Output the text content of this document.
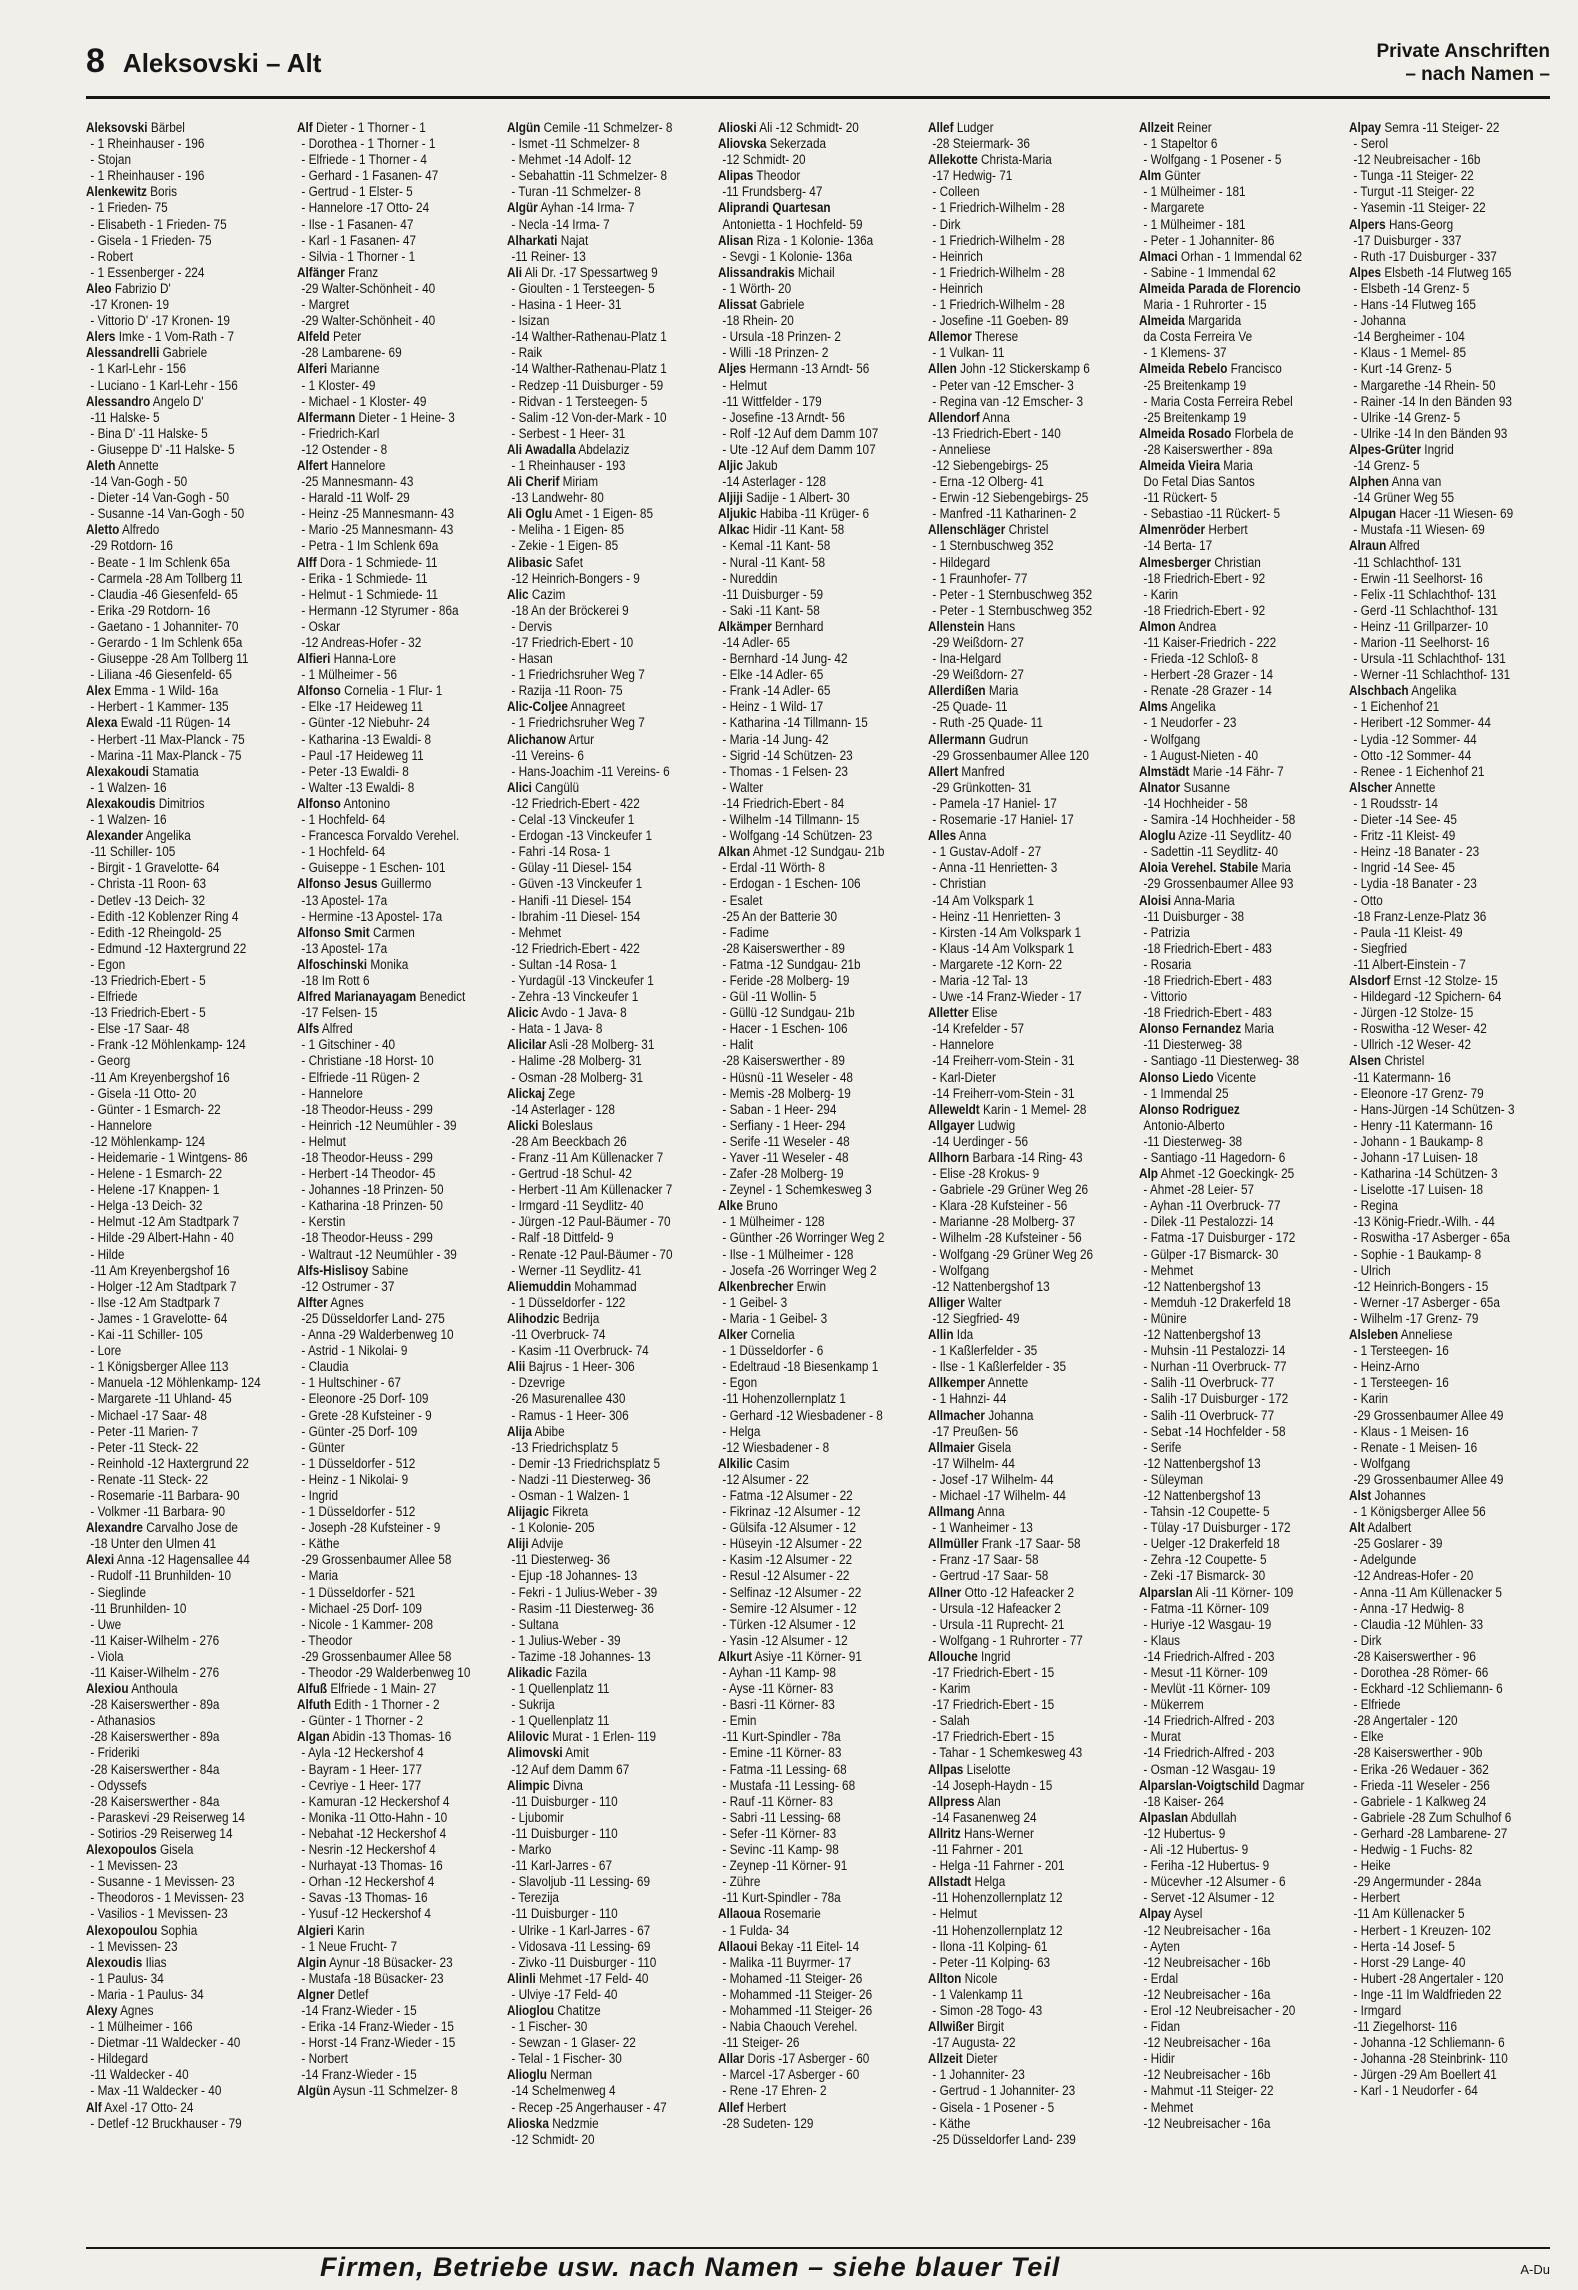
8 Aleksovski – Alt	Private Anschriften
– nach Namen –
Aleksovski Bärbel
- 1 Rheinhauser - 196
- Stojan
- 1 Rheinhauser - 196
Alenkewitz Boris
- 1 Frieden- 75
- Elisabeth - 1 Frieden- 75
- Gisela - 1 Frieden- 75
- Robert
- 1 Essenberger - 224
Aleo Fabrizio D'
-17 Kronen- 19
- Vittorio D' -17 Kronen- 19
Alers Imke - 1 Vom-Rath - 7
Alessandrelli Gabriele
- 1 Karl-Lehr - 156
- Luciano - 1 Karl-Lehr - 156
Alessandro Angelo D'
-11 Halske- 5
- Bina D' -11 Halske- 5
- Giuseppe D' -11 Halske- 5
Aleth Annette
-14 Van-Gogh - 50
- Dieter -14 Van-Gogh - 50
- Susanne -14 Van-Gogh - 50
Aletto Alfredo
-29 Rotdorn- 16
- Beate - 1 Im Schlenk 65a
- Carmela -28 Am Tollberg 11
- Claudia -46 Giesenfeld- 65
- Erika -29 Rotdorn- 16
- Gaetano - 1 Johanniter- 70
- Gerardo - 1 Im Schlenk 65a
- Giuseppe -28 Am Tollberg 11
- Liliana -46 Giesenfeld- 65
Alex Emma - 1 Wild- 16a
- Herbert - 1 Kammer- 135
Alexa Ewald -11 Rügen- 14
- Herbert -11 Max-Planck - 75
- Marina -11 Max-Planck - 75
Alexakoudi Stamatia
- 1 Walzen- 16
Alexakoudis Dimitrios
- 1 Walzen- 16
Alexander Angelika
-11 Schiller- 105
- Birgit - 1 Gravelotte- 64
- Christa -11 Roon- 63
- Detlev -13 Deich- 32
- Edith -12 Koblenzer Ring 4
- Edith -12 Rheingold- 25
- Edmund -12 Haxtergrund 22
- Egon
-13 Friedrich-Ebert - 5
- Elfriede
-13 Friedrich-Ebert - 5
- Else -17 Saar- 48
- Frank -12 Möhlenkamp- 124
- Georg
-11 Am Kreyenbergshof 16
- Gisela -11 Otto- 20
- Günter - 1 Esmarch- 22
- Hannelore
-12 Möhlenkamp- 124
- Heidemarie - 1 Wintgens- 86
- Helene - 1 Esmarch- 22
- Helene -17 Knappen- 1
- Helga -13 Deich- 32
- Helmut -12 Am Stadtpark 7
- Hilde -29 Albert-Hahn - 40
- Hilde
-11 Am Kreyenbergshof 16
- Holger -12 Am Stadtpark 7
- Ilse -12 Am Stadtpark 7
- James - 1 Gravelotte- 64
- Kai -11 Schiller- 105
- Lore
- 1 Königsberger Allee 113
- Manuela -12 Möhlenkamp- 124
- Margarete -11 Uhland- 45
- Michael -17 Saar- 48
- Peter -11 Marien- 7
- Peter -11 Steck- 22
- Reinhold -12 Haxtergrund 22
- Renate -11 Steck- 22
- Rosemarie -11 Barbara- 90
- Volkmer -11 Barbara- 90
Alexandre Carvalho Jose de
-18 Unter den Ulmen 41
Alexi Anna -12 Hagensallee 44
- Rudolf -11 Brunhilden- 10
- Sieglinde
-11 Brunhilden- 10
- Uwe
-11 Kaiser-Wilhelm - 276
- Viola
-11 Kaiser-Wilhelm - 276
Alexiou Anthoula
-28 Kaiserswerther - 89a
- Athanasios
-28 Kaiserswerther - 89a
- Frideriki
-28 Kaiserswerther - 84a
- Odyssefs
-28 Kaiserswerther - 84a
- Paraskevi -29 Reiserweg 14
- Sotirios -29 Reiserweg 14
Alexopoulos Gisela
- 1 Mevissen- 23
- Susanne - 1 Mevissen- 23
- Theodoros - 1 Mevissen- 23
- Vasilios - 1 Mevissen- 23
Alexopoulou Sophia
- 1 Mevissen- 23
Alexoudis Ilias
- 1 Paulus- 34
- Maria - 1 Paulus- 34
Alexy Agnes
- 1 Mülheimer - 166
- Dietmar -11 Waldecker - 40
- Hildegard
-11 Waldecker - 40
- Max -11 Waldecker - 40
Alf Axel -17 Otto- 24
- Detlef -12 Bruckhauser - 79
Alf Dieter - 1 Thorner - 1
- Dorothea - 1 Thorner - 1
- Elfriede - 1 Thorner - 4
- Gerhard - 1 Fasanen- 47
- Gertrud - 1 Elster- 5
- Hannelore -17 Otto- 24
- Ilse - 1 Fasanen- 47
- Karl - 1 Fasanen- 47
- Silvia - 1 Thorner - 1
Alfänger Franz
-29 Walter-Schönheit - 40
- Margret
-29 Walter-Schönheit - 40
Alfeld Peter
-28 Lambarene- 69
Alferi Marianne
- 1 Kloster- 49
- Michael - 1 Kloster- 49
Alfermann Dieter - 1 Heine- 3
- Friedrich-Karl
-12 Ostender - 8
Alfert Hannelore
-25 Mannesmann- 43
- Harald -11 Wolf- 29
- Heinz -25 Mannesmann- 43
- Mario -25 Mannesmann- 43
- Petra - 1 Im Schlenk 69a
Alff Dora - 1 Schmiede- 11
- Erika - 1 Schmiede- 11
- Helmut - 1 Schmiede- 11
- Hermann -12 Styrumer - 86a
- Oskar
-12 Andreas-Hofer - 32
Alfieri Hanna-Lore
- 1 Mülheimer - 56
Alfonso Cornelia - 1 Flur- 1
- Elke -17 Heideweg 11
- Günter -12 Niebuhr- 24
- Katharina -13 Ewaldi- 8
- Paul -17 Heideweg 11
- Peter -13 Ewaldi- 8
- Walter -13 Ewaldi- 8
Alfonso Antonino
- 1 Hochfeld- 64
- Francesca Forvaldo Verehel.
- 1 Hochfeld- 64
- Guiseppe - 1 Eschen- 101
Alfonso Jesus Guillermo
-13 Apostel- 17a
- Hermine -13 Apostel- 17a
Alfonso Smit Carmen
-13 Apostel- 17a
Alfoschinski Monika
-18 Im Rott 6
Alfred Marianayagam Benedict
-17 Felsen- 15
Alfs Alfred
- 1 Gitschiner - 40
- Christiane -18 Horst- 10
- Elfriede -11 Rügen- 2
- Hannelore
-18 Theodor-Heuss - 299
- Heinrich -12 Neumühler - 39
- Helmut
-18 Theodor-Heuss - 299
- Herbert -14 Theodor- 45
- Johannes -18 Prinzen- 50
- Katharina -18 Prinzen- 50
- Kerstin
-18 Theodor-Heuss - 299
- Waltraut -12 Neumühler - 39
Alfs-Hislisoy Sabine
-12 Ostrumer - 37
Alfter Agnes
-25 Düsseldorfer Land- 275
- Anna -29 Walderbenweg 10
- Astrid - 1 Nikolai- 9
- Claudia
- 1 Hultschiner - 67
- Eleonore -25 Dorf- 109
- Grete -28 Kufsteiner - 9
- Günter -25 Dorf- 109
- Günter
- 1 Düsseldorfer - 512
- Heinz - 1 Nikolai- 9
- Ingrid
- 1 Düsseldorfer - 512
- Joseph -28 Kufsteiner - 9
- Käthe
-29 Grossenbaumer Allee 58
- Maria
- 1 Düsseldorfer - 521
- Michael -25 Dorf- 109
- Nicole - 1 Kammer- 208
- Theodor
-29 Grossenbaumer Allee 58
- Theodor -29 Walderbenweg 10
Alfuß Elfriede - 1 Main- 27
Alfuth Edith - 1 Thorner - 2
- Günter - 1 Thorner - 2
Algan Abidin -13 Thomas- 16
- Ayla -12 Heckershof 4
- Bayram - 1 Heer- 177
- Cevriye - 1 Heer- 177
- Kamuran -12 Heckershof 4
- Monika -11 Otto-Hahn - 10
- Nebahat -12 Heckershof 4
- Nesrin -12 Heckershof 4
- Nurhayat -13 Thomas- 16
- Orhan -12 Heckershof 4
- Savas -13 Thomas- 16
- Yusuf -12 Heckershof 4
Algieri Karin
- 1 Neue Frucht- 7
Algin Aynur -18 Büsacker- 23
- Mustafa -18 Büsacker- 23
Algner Detlef
-14 Franz-Wieder - 15
- Erika -14 Franz-Wieder - 15
- Horst -14 Franz-Wieder - 15
- Norbert
-14 Franz-Wieder - 15
Algün Aysun -11 Schmelzer- 8
Algün Cemile -11 Schmelzer- 8
- Ismet -11 Schmelzer- 8
- Mehmet -14 Adolf- 12
- Sebahattin -11 Schmelzer- 8
- Turan -11 Schmelzer- 8
Algür Ayhan -14 Irma- 7
- Necla -14 Irma- 7
Alharkati Najat
-11 Reiner- 13
Ali Ali Dr. -17 Spessartweg 9
- Gioulten - 1 Tersteegen- 5
- Hasina - 1 Heer- 31
- Isizan
-14 Walther-Rathenau-Platz 1
- Raik
-14 Walther-Rathenau-Platz 1
- Redzep -11 Duisburger - 59
- Ridvan - 1 Tersteegen- 5
- Salim -12 Von-der-Mark - 10
- Serbest - 1 Heer- 31
Ali Awadalla Abdelaziz
- 1 Rheinhauser - 193
Ali Cherif Miriam
-13 Landwehr- 80
Ali Oglu Amet - 1 Eigen- 85
- Meliha - 1 Eigen- 85
- Zekie - 1 Eigen- 85
Alibasic Safet
-12 Heinrich-Bongers - 9
Alic Cazim
-18 An der Bröckerei 9
- Dervis
-17 Friedrich-Ebert - 10
- Hasan
- 1 Friedrichsruher Weg 7
- Razija -11 Roon- 75
Alic-Coljee Annagreet
- 1 Friedrichsruher Weg 7
Alichanow Artur
-11 Vereins- 6
- Hans-Joachim -11 Vereins- 6
Alici Cangülü
-12 Friedrich-Ebert - 422
- Celal -13 Vinckeufer 1
- Erdogan -13 Vinckeufer 1
- Fahri -14 Rosa- 1
- Gülay -11 Diesel- 154
- Güven -13 Vinckeufer 1
- Hanifi -11 Diesel- 154
- Ibrahim -11 Diesel- 154
- Mehmet
-12 Friedrich-Ebert - 422
- Sultan -14 Rosa- 1
- Yurdagül -13 Vinckeufer 1
- Zehra -13 Vinckeufer 1
Alicic Avdo - 1 Java- 8
- Hata - 1 Java- 8
Alicilar Asli -28 Molberg- 31
- Halime -28 Molberg- 31
- Osman -28 Molberg- 31
Alickaj Zege
-14 Asterlager - 128
Alicki Boleslaus
-28 Am Beeckbach 26
- Franz -11 Am Küllenacker 7
- Gertrud -18 Schul- 42
- Herbert -11 Am Küllenacker 7
- Irmgard -11 Seydlitz- 40
- Jürgen -12 Paul-Bäumer - 70
- Ralf -18 Dittfeld- 9
- Renate -12 Paul-Bäumer - 70
- Werner -11 Seydlitz- 41
Aliemuddin Mohammad
- 1 Düsseldorfer - 122
Alihodzic Bedrija
-11 Overbruck- 74
- Kasim -11 Overbruck- 74
Alii Bajrus - 1 Heer- 306
- Dzevrige
-26 Masurenallee 430
- Ramus - 1 Heer- 306
Alija Abibe
-13 Friedrichsplatz 5
- Demir -13 Friedrichsplatz 5
- Nadzi -11 Diesterweg- 36
- Osman - 1 Walzen- 1
Alijagic Fikreta
- 1 Kolonie- 205
Aliji Advije
-11 Diesterweg- 36
- Ejup -18 Johannes- 13
- Fekri - 1 Julius-Weber - 39
- Rasim -11 Diesterweg- 36
- Sultana
- 1 Julius-Weber - 39
- Tazime -18 Johannes- 13
Alikadic Fazila
- 1 Quellenplatz 11
- Sukrija
- 1 Quellenplatz 11
Alilovic Murat - 1 Erlen- 119
Alimovski Amit
-12 Auf dem Damm 67
Alimpic Divna
-11 Duisburger - 110
- Ljubomir
-11 Duisburger - 110
- Marko
-11 Karl-Jarres - 67
- Slavoljub -11 Lessing- 69
- Terezija
-11 Duisburger - 110
- Ulrike - 1 Karl-Jarres - 67
- Vidosava -11 Lessing- 69
- Zivko -11 Duisburger - 110
Alinli Mehmet -17 Feld- 40
- Ulviye -17 Feld- 40
Alioglou Chatitze
- 1 Fischer- 30
- Sewzan - 1 Glaser- 22
- Telal - 1 Fischer- 30
Alioglu Nerman
-14 Schelmenweg 4
- Recep -25 Angerhauser - 47
Alioska Nedzmie
-12 Schmidt- 20
Alioski Ali -12 Schmidt- 20
Aliovska Sekerzada
-12 Schmidt- 20
Alipas Theodor
-11 Frundsberg- 47
Aliprandi Quartesan
Antonietta - 1 Hochfeld- 59
Alisan Riza - 1 Kolonie- 136a
- Sevgi - 1 Kolonie- 136a
Alissandrakis Michail
- 1 Wörth- 20
Alissat Gabriele
-18 Rhein- 20
- Ursula -18 Prinzen- 2
- Willi -18 Prinzen- 2
Aljes Hermann -13 Arndt- 56
- Helmut
-11 Wittfelder - 179
- Josefine -13 Arndt- 56
- Rolf -12 Auf dem Damm 107
- Ute -12 Auf dem Damm 107
Aljic Jakub
-14 Asterlager - 128
Aljiji Sadije - 1 Albert- 30
Aljukic Habiba -11 Krüger- 6
Alkac Hidir -11 Kant- 58
- Kemal -11 Kant- 58
- Nural -11 Kant- 58
- Nureddin
-11 Duisburger - 59
- Saki -11 Kant- 58
Alkämper Bernhard
-14 Adler- 65
- Bernhard -14 Jung- 42
- Elke -14 Adler- 65
- Frank -14 Adler- 65
- Heinz - 1 Wild- 17
- Katharina -14 Tillmann- 15
- Maria -14 Jung- 42
- Sigrid -14 Schützen- 23
- Thomas - 1 Felsen- 23
- Walter
-14 Friedrich-Ebert - 84
- Wilhelm -14 Tillmann- 15
- Wolfgang -14 Schützen- 23
Alkan Ahmet -12 Sundgau- 21b
- Erdal -11 Wörth- 8
- Erdogan - 1 Eschen- 106
- Esalet
-25 An der Batterie 30
- Fadime
-28 Kaiserswerther - 89
- Fatma -12 Sundgau- 21b
- Feride -28 Molberg- 19
- Gül -11 Wollin- 5
- Güllü -12 Sundgau- 21b
- Hacer - 1 Eschen- 106
- Halit
-28 Kaiserswerther - 89
- Hüsnü -11 Weseler - 48
- Memis -28 Molberg- 19
- Saban - 1 Heer- 294
- Serfiany - 1 Heer- 294
- Serife -11 Weseler - 48
- Yaver -11 Weseler - 48
- Zafer -28 Molberg- 19
- Zeynel - 1 Schemkesweg 3
Alke Bruno
- 1 Mülheimer - 128
- Günther -26 Worringer Weg 2
- Ilse - 1 Mülheimer - 128
- Josefa -26 Worringer Weg 2
Alkenbrecher Erwin
- 1 Geibel- 3
- Maria - 1 Geibel- 3
Alker Cornelia
- 1 Düsseldorfer - 6
- Edeltraud -18 Biesenkamp 1
- Egon
-11 Hohenzollernplatz 1
- Gerhard -12 Wiesbadener - 8
- Helga
-12 Wiesbadener - 8
Alkilic Casim
-12 Alsumer - 22
- Fatma -12 Alsumer - 22
- Fikrinaz -12 Alsumer - 12
- Gülsifa -12 Alsumer - 12
- Hüseyin -12 Alsumer - 22
- Kasim -12 Alsumer - 22
- Resul -12 Alsumer - 22
- Selfinaz -12 Alsumer - 22
- Semire -12 Alsumer - 12
- Türken -12 Alsumer - 12
- Yasin -12 Alsumer - 12
Alkurt Asiye -11 Körner- 91
- Ayhan -11 Kamp- 98
- Ayse -11 Körner- 83
- Basri -11 Körner- 83
- Emin
-11 Kurt-Spindler - 78a
- Emine -11 Körner- 83
- Fatma -11 Lessing- 68
- Mustafa -11 Lessing- 68
- Rauf -11 Körner- 83
- Sabri -11 Lessing- 68
- Sefer -11 Körner- 83
- Sevinc -11 Kamp- 98
- Zeynep -11 Körner- 91
- Zühre
-11 Kurt-Spindler - 78a
Allaoua Rosemarie
- 1 Fulda- 34
Allaoui Bekay -11 Eitel- 14
- Malika -11 Buyrmer- 17
- Mohamed -11 Steiger- 26
- Mohammed -11 Steiger- 26
- Mohammed -11 Steiger- 26
- Nabia Chaouch Verehel.
-11 Steiger- 26
Allar Doris -17 Asberger - 60
- Marcel -17 Asberger - 60
- Rene -17 Ehren- 2
Allef Herbert
-28 Sudeten- 129
Allef Ludger
-28 Steiermark- 36
Allekotte Christa-Maria
-17 Hedwig- 71
- Colleen
- 1 Friedrich-Wilhelm - 28
- Dirk
- 1 Friedrich-Wilhelm - 28
- Heinrich
- 1 Friedrich-Wilhelm - 28
- Heinrich
- 1 Friedrich-Wilhelm - 28
- Josefine -11 Goeben- 89
Allemor Therese
- 1 Vulkan- 11
Allen John -12 Stickerskamp 6
- Peter van -12 Emscher- 3
- Regina van -12 Emscher- 3
Allendorf Anna
-13 Friedrich-Ebert - 140
- Anneliese
-12 Siebengebirgs- 25
- Erna -12 Olberg- 41
- Erwin -12 Siebengebirgs- 25
- Manfred -11 Katharinen- 2
Allenschläger Christel
- 1 Sternbuschweg 352
- Hildegard
- 1 Fraunhofer- 77
- Peter - 1 Sternbuschweg 352
- Peter - 1 Sternbuschweg 352
Allenstein Hans
-29 Weißdorn- 27
- Ina-Helgard
-29 Weißdorn- 27
Allerdißen Maria
-25 Quade- 11
- Ruth -25 Quade- 11
Allermann Gudrun
-29 Grossenbaumer Allee 120
Allert Manfred
-29 Grünkotten- 31
- Pamela -17 Haniel- 17
- Rosemarie -17 Haniel- 17
Alles Anna
- 1 Gustav-Adolf - 27
- Anna -11 Henrietten- 3
- Christian
-14 Am Volkspark 1
- Heinz -11 Henrietten- 3
- Kirsten -14 Am Volkspark 1
- Klaus -14 Am Volkspark 1
- Margarete -12 Korn- 22
- Maria -12 Tal- 13
- Uwe -14 Franz-Wieder - 17
Alletter Elise
-14 Krefelder - 57
- Hannelore
-14 Freiherr-vom-Stein - 31
- Karl-Dieter
-14 Freiherr-vom-Stein - 31
Alleweldt Karin - 1 Memel- 28
Allgayer Ludwig
-14 Uerdinger - 56
Allhorn Barbara -14 Ring- 43
- Elise -28 Krokus- 9
- Gabriele -29 Grüner Weg 26
- Klara -28 Kufsteiner - 56
- Marianne -28 Molberg- 37
- Wilhelm -28 Kufsteiner - 56
- Wolfgang -29 Grüner Weg 26
- Wolfgang
-12 Nattenbergshof 13
Alliger Walter
-12 Siegfried- 49
Allin Ida
- 1 Kaßlerfelder - 35
- Ilse - 1 Kaßlerfelder - 35
Allkemper Annette
- 1 Hahnzi- 44
Allmacher Johanna
-17 Preußen- 56
Allmaier Gisela
-17 Wilhelm- 44
- Josef -17 Wilhelm- 44
- Michael -17 Wilhelm- 44
Allmang Anna
- 1 Wanheimer - 13
Allmüller Frank -17 Saar- 58
- Franz -17 Saar- 58
- Gertrud -17 Saar- 58
Allner Otto -12 Hafeacker 2
- Ursula -12 Hafeacker 2
- Ursula -11 Ruprecht- 21
- Wolfgang - 1 Ruhrorter - 77
Allouche Ingrid
-17 Friedrich-Ebert - 15
- Karim
-17 Friedrich-Ebert - 15
- Salah
-17 Friedrich-Ebert - 15
- Tahar - 1 Schemkesweg 43
Allpas Liselotte
-14 Joseph-Haydn - 15
Allpress Alan
-14 Fasanenweg 24
Allritz Hans-Werner
-11 Fahrner - 201
- Helga -11 Fahrner - 201
Allstadt Helga
-11 Hohenzollernplatz 12
- Helmut
-11 Hohenzollernplatz 12
- Ilona -11 Kolping- 61
- Peter -11 Kolping- 63
Allton Nicole
- 1 Valenkamp 11
- Simon -28 Togo- 43
Allwißer Birgit
-17 Augusta- 22
Allzeit Dieter
- 1 Johanniter- 23
- Gertrud - 1 Johanniter- 23
- Gisela - 1 Posener - 5
- Käthe
-25 Düsseldorfer Land- 239
Allzeit Reiner
- 1 Stapeltor 6
- Wolfgang - 1 Posener - 5
Alm Günter
- 1 Mülheimer - 181
- Margarete
- 1 Mülheimer - 181
- Peter - 1 Johanniter- 86
Almaci Orhan - 1 Immendal 62
- Sabine - 1 Immendal 62
Almeida Parada de Florencio
Maria - 1 Ruhrorter - 15
Almeida Margarida
da Costa Ferreira Ve
- 1 Klemens- 37
Almeida Rebelo Francisco
-25 Breitenkamp 19
- Maria Costa Ferreira Rebel
-25 Breitenkamp 19
Almeida Rosado Florbela de
-28 Kaiserswerther - 89a
Almeida Vieira Maria
Do Fetal Dias Santos
-11 Rückert- 5
- Sebastiao -11 Rückert- 5
Almenröder Herbert
-14 Berta- 17
Almesberger Christian
-18 Friedrich-Ebert - 92
- Karin
-18 Friedrich-Ebert - 92
Almon Andrea
-11 Kaiser-Friedrich - 222
- Frieda -12 Schloß- 8
- Herbert -28 Grazer - 14
- Renate -28 Grazer - 14
Alms Angelika
- 1 Neudorfer - 23
- Wolfgang
- 1 August-Nieten - 40
Almstädt Marie -14 Fähr- 7
Alnator Susanne
-14 Hochheider - 58
- Samira -14 Hochheider - 58
Aloglu Azize -11 Seydlitz- 40
- Sadettin -11 Seydlitz- 40
Aloia Verehel. Stabile Maria
-29 Grossenbaumer Allee 93
Aloisi Anna-Maria
-11 Duisburger - 38
- Patrizia
-18 Friedrich-Ebert - 483
- Rosaria
-18 Friedrich-Ebert - 483
- Vittorio
-18 Friedrich-Ebert - 483
Alonso Fernandez Maria
-11 Diesterweg- 38
- Santiago -11 Diesterweg- 38
Alonso Liedo Vicente
- 1 Immendal 25
Alonso Rodriguez
Antonio-Alberto
-11 Diesterweg- 38
- Santiago -11 Hagedorn- 6
Alp Ahmet -12 Goeckingk- 25
- Ahmet -28 Leier- 57
- Ayhan -11 Overbruck- 77
- Dilek -11 Pestalozzi- 14
- Fatma -17 Duisburger - 172
- Gülper -17 Bismarck- 30
- Mehmet
-12 Nattenbergshof 13
- Memduh -12 Drakerfeld 18
- Münire
-12 Nattenbergshof 13
- Muhsin -11 Pestalozzi- 14
- Nurhan -11 Overbruck- 77
- Salih -11 Overbruck- 77
- Salih -17 Duisburger - 172
- Salih -11 Overbruck- 77
- Sebat -14 Hochfelder - 58
- Serife
-12 Nattenbergshof 13
- Süleyman
-12 Nattenbergshof 13
- Tahsin -12 Coupette- 5
- Tülay -17 Duisburger - 172
- Uelger -12 Drakerfeld 18
- Zehra -12 Coupette- 5
- Zeki -17 Bismarck- 30
Alparslan Ali -11 Körner- 109
- Fatma -11 Körner- 109
- Huriye -12 Wasgau- 19
- Klaus
-14 Friedrich-Alfred - 203
- Mesut -11 Körner- 109
- Mevlüt -11 Körner- 109
- Mükerrem
-14 Friedrich-Alfred - 203
- Murat
-14 Friedrich-Alfred - 203
- Osman -12 Wasgau- 19
Alparslan-Voigtschild Dagmar
-18 Kaiser- 264
Alpaslan Abdullah
-12 Hubertus- 9
- Ali -12 Hubertus- 9
- Feriha -12 Hubertus- 9
- Mücevher -12 Alsumer - 6
- Servet -12 Alsumer - 12
Alpay Aysel
-12 Neubreisacher - 16a
- Ayten
-12 Neubreisacher - 16b
- Erdal
-12 Neubreisacher - 16a
- Erol -12 Neubreisacher - 20
- Fidan
-12 Neubreisacher - 16a
- Hidir
-12 Neubreisacher - 16b
- Mahmut -11 Steiger- 22
- Mehmet
-12 Neubreisacher - 16a
Alpay Semra -11 Steiger- 22
- Serol
-12 Neubreisacher - 16b
- Tunga -11 Steiger- 22
- Turgut -11 Steiger- 22
- Yasemin -11 Steiger- 22
Alpers Hans-Georg
-17 Duisburger - 337
- Ruth -17 Duisburger - 337
Alpes Elsbeth -14 Flutweg 165
- Elsbeth -14 Grenz- 5
- Hans -14 Flutweg 165
- Johanna
-14 Bergheimer - 104
- Klaus - 1 Memel- 85
- Kurt -14 Grenz- 5
- Margarethe -14 Rhein- 50
- Rainer -14 In den Bänden 93
- Ulrike -14 Grenz- 5
- Ulrike -14 In den Bänden 93
Alpes-Grüter Ingrid
-14 Grenz- 5
Alphen Anna van
-14 Grüner Weg 55
Alpugan Hacer -11 Wiesen- 69
- Mustafa -11 Wiesen- 69
Alraun Alfred
-11 Schlachthof- 131
- Erwin -11 Seelhorst- 16
- Felix -11 Schlachthof- 131
- Gerd -11 Schlachthof- 131
- Heinz -11 Grillparzer- 10
- Marion -11 Seelhorst- 16
- Ursula -11 Schlachthof- 131
- Werner -11 Schlachthof- 131
Alschbach Angelika
- 1 Eichenhof 21
- Heribert -12 Sommer- 44
- Lydia -12 Sommer- 44
- Otto -12 Sommer- 44
- Renee - 1 Eichenhof 21
Alscher Annette
- 1 Roudsstr- 14
- Dieter -14 See- 45
- Fritz -11 Kleist- 49
- Heinz -18 Banater - 23
- Ingrid -14 See- 45
- Lydia -18 Banater - 23
- Otto
-18 Franz-Lenze-Platz 36
- Paula -11 Kleist- 49
- Siegfried
-11 Albert-Einstein - 7
Alsdorf Ernst -12 Stolze- 15
- Hildegard -12 Spichern- 64
- Jürgen -12 Stolze- 15
- Roswitha -12 Weser- 42
- Ullrich -12 Weser- 42
Alsen Christel
-11 Katermann- 16
- Eleonore -17 Grenz- 79
- Hans-Jürgen -14 Schützen- 3
- Henry -11 Katermann- 16
- Johann - 1 Baukamp- 8
- Johann -17 Luisen- 18
- Katharina -14 Schützen- 3
- Liselotte -17 Luisen- 18
- Regina
-13 König-Friedr.-Wilh. - 44
- Roswitha -17 Asberger - 65a
- Sophie - 1 Baukamp- 8
- Ulrich
-12 Heinrich-Bongers - 15
- Werner -17 Asberger - 65a
- Wilhelm -17 Grenz- 79
Alsleben Anneliese
- 1 Tersteegen- 16
- Heinz-Arno
- 1 Tersteegen- 16
- Karin
-29 Grossenbaumer Allee 49
- Klaus - 1 Meisen- 16
- Renate - 1 Meisen- 16
- Wolfgang
-29 Grossenbaumer Allee 49
Alst Johannes
- 1 Königsberger Allee 56
Alt Adalbert
-25 Goslarer - 39
- Adelgunde
-12 Andreas-Hofer - 20
- Anna -11 Am Küllenacker 5
- Anna -17 Hedwig- 8
- Claudia -12 Mühlen- 33
- Dirk
-28 Kaiserswerther - 96
- Dorothea -28 Römer- 66
- Eckhard -12 Schliemann- 6
- Elfriede
-28 Angertaler - 120
- Elke
-28 Kaiserswerther - 90b
- Erika -26 Wedauer - 362
- Frieda -11 Weseler - 256
- Gabriele - 1 Kalkweg 24
- Gabriele -28 Zum Schulhof 6
- Gerhard -28 Lambarene- 27
- Hedwig - 1 Fuchs- 82
- Heike
-29 Angermunder - 284a
- Herbert
-11 Am Küllenacker 5
- Herbert - 1 Kreuzen- 102
- Herta -14 Josef- 5
- Horst -29 Lange- 40
- Hubert -28 Angertaler - 120
- Inge -11 Im Waldfrieden 22
- Irmgard
-11 Ziegelhorst- 116
- Johanna -12 Schliemann- 6
- Johanna -28 Steinbrink- 110
- Jürgen -29 Am Boellert 41
- Karl - 1 Neudorfer - 64
Firmen, Betriebe usw. nach Namen – siehe blauer Teil	A-Du
